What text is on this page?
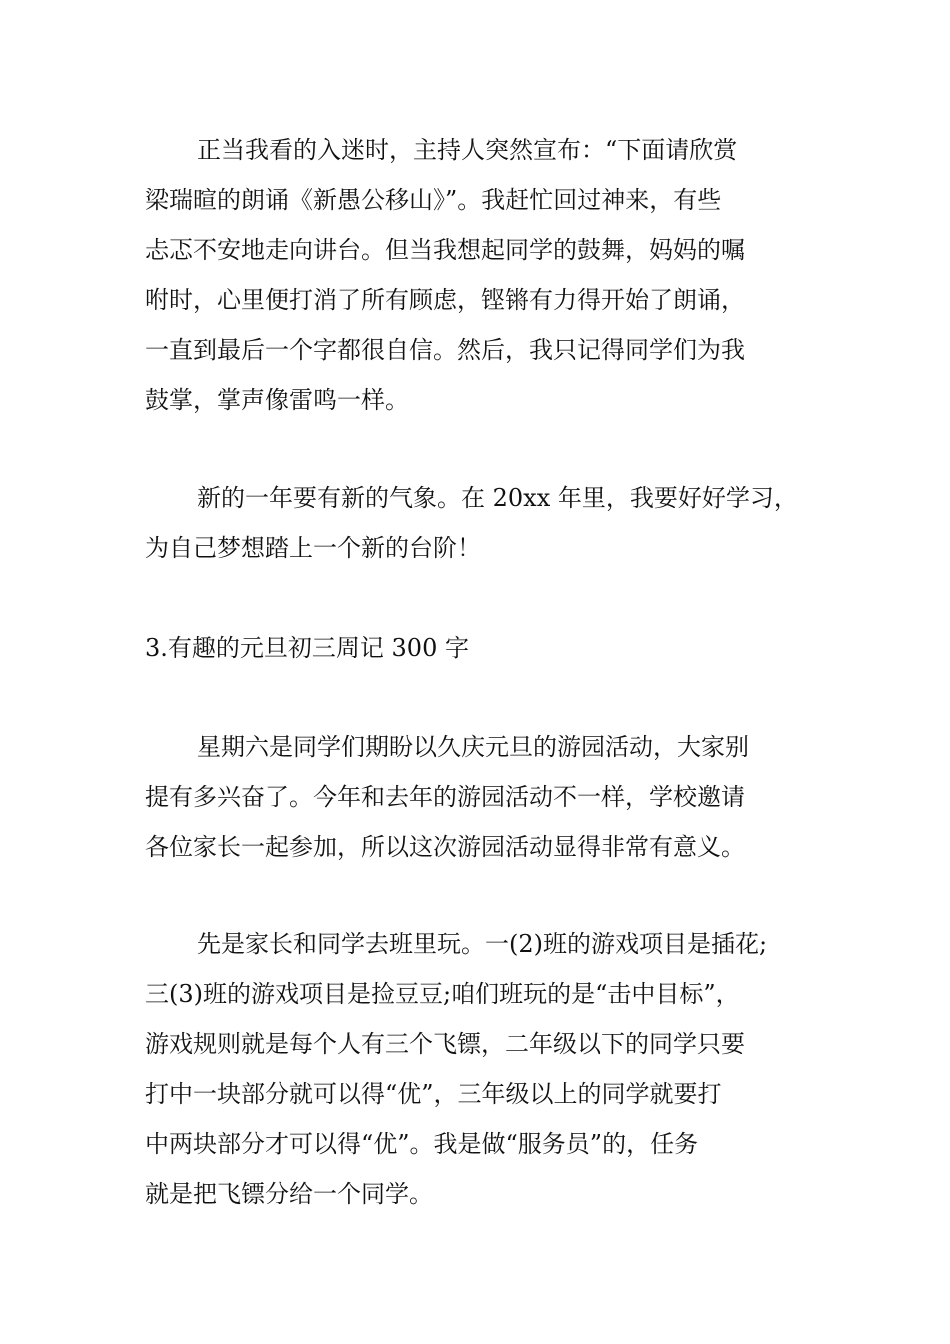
正当我看的入迷时，主持人突然宣布：“下面请欣赏

梁瑞暄的朗诵《新愚公移山》”。我赶忙回过神来，有些

忐忑不安地走向讲台。但当我想起同学的鼓舞，妈妈的嘱

咐时，心里便打消了所有顾虑，铿锵有力得开始了朗诵，

一直到最后一个字都很自信。然后，我只记得同学们为我

鼓掌，掌声像雷鸣一样。

新的一年要有新的气象。在 20xx 年里，我要好好学习，

为自己梦想踏上一个新的台阶！

3.有趣的元旦初三周记 300 字

星期六是同学们期盼以久庆元旦的游园活动，大家别

提有多兴奋了。今年和去年的游园活动不一样，学校邀请

各位家长一起参加，所以这次游园活动显得非常有意义。

先是家长和同学去班里玩。一(2)班的游戏项目是插花;

三(3)班的游戏项目是捡豆豆;咱们班玩的是“击中目标”，

游戏规则就是每个人有三个飞镖，二年级以下的同学只要

打中一块部分就可以得“优”，三年级以上的同学就要打

中两块部分才可以得“优”。我是做“服务员”的，任务

就是把飞镖分给一个同学。
